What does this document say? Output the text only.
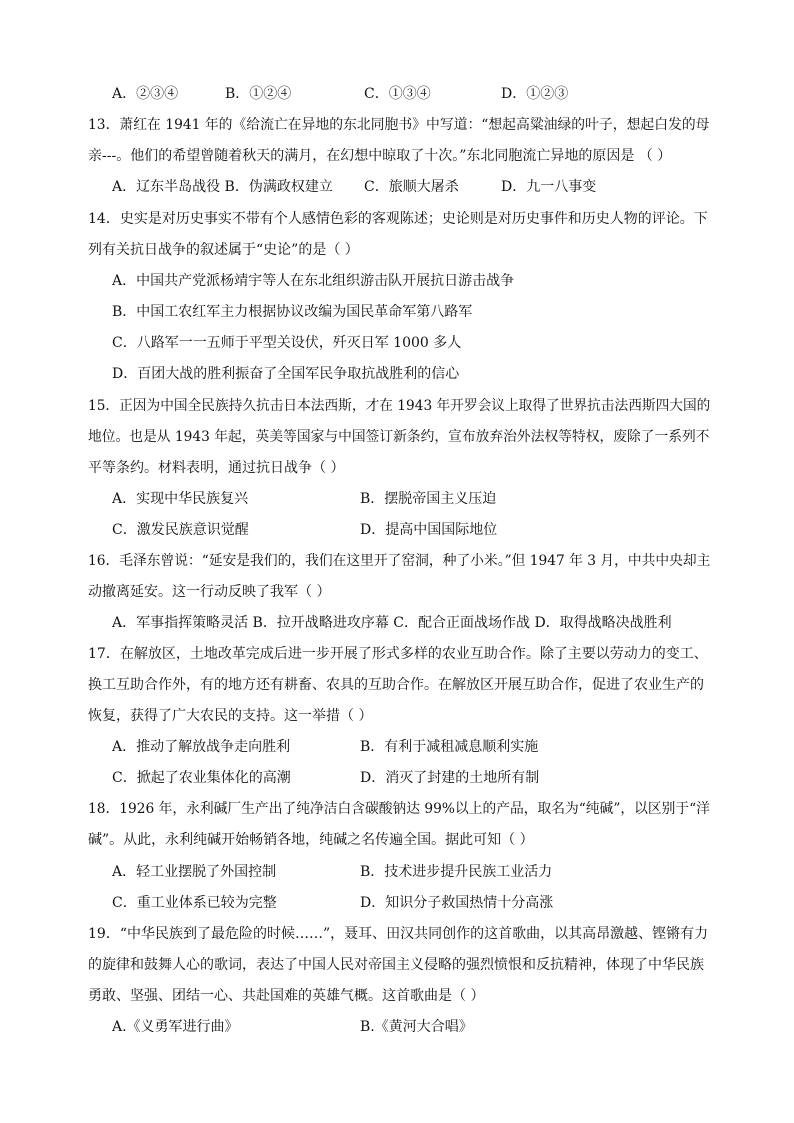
A．②③④	B．①②④	C．①③④	D．①②③
13．萧红在 1941 年的《给流亡在异地的东北同胞书》中写道：“想起高粱油绿的叶子，想起白发的母
亲---。他们的希望曾随着秋天的满月，在幻想中晾取了十次。”东北同胞流亡异地的原因是 （ ）
A．辽东半岛战役 B．伪满政权建立 C．旅顺大屠杀	D．九一八事变
14．史实是对历史事实不带有个人感情色彩的客观陈述；史论则是对历史事件和历史人物的评论。下
列有关抗日战争的叙述属于“史论”的是（ ）
A．中国共产党派杨靖宇等人在东北组织游击队开展抗日游击战争
B．中国工农红军主力根据协议改编为国民革命军第八路军
C．八路军一一五师于平型关设伏，歼灭日军 1000 多人
D．百团大战的胜利振奋了全国军民争取抗战胜利的信心
15．正因为中国全民族持久抗击日本法西斯，才在 1943 年开罗会议上取得了世界抗击法西斯四大国的
地位。也是从 1943 年起，英美等国家与中国签订新条约，宣布放弃治外法权等特权，废除了一系列不
平等条约。材料表明，通过抗日战争（ ）
A．实现中华民族复兴	B．摆脱帝国主义压迫
C．激发民族意识觉醒	D．提高中国国际地位
16．毛泽东曾说：“延安是我们的，我们在这里开了窑洞，种了小米。”但 1947 年 3 月，中共中央却主
动撤离延安。这一行动反映了我军（ ）
A．军事指挥策略灵活 B．拉开战略进攻序幕 C．配合正面战场作战 D．取得战略决战胜利
17．在解放区，土地改革完成后进一步开展了形式多样的农业互助合作。除了主要以劳动力的变工、
换工互助合作外，有的地方还有耕畜、农具的互助合作。在解放区开展互助合作，促进了农业生产的
恢复，获得了广大农民的支持。这一举措（ ）
A．推动了解放战争走向胜利	B．有利于减租减息顺利实施
C．掀起了农业集体化的高潮	D．消灭了封建的土地所有制
18．1926 年，永利碱厂生产出了纯净洁白含碳酸钠达 99%以上的产品，取名为“纯碱”，以区别于“洋
碱”。从此，永利纯碱开始畅销各地，纯碱之名传遍全国。据此可知（ ）
A．轻工业摆脱了外国控制	B．技术进步提升民族工业活力
C．重工业体系已较为完整	D．知识分子救国热情十分高涨
19．“中华民族到了最危险的时候……”，聂耳、田汉共同创作的这首歌曲，以其高昂激越、铿锵有力
的旋律和鼓舞人心的歌词，表达了中国人民对帝国主义侵略的强烈愤恨和反抗精神，体现了中华民族
勇敢、坚强、团结一心、共赴国难的英雄气概。这首歌曲是（ ）
A.《义勇军进行曲》	B.《黄河大合唱》
